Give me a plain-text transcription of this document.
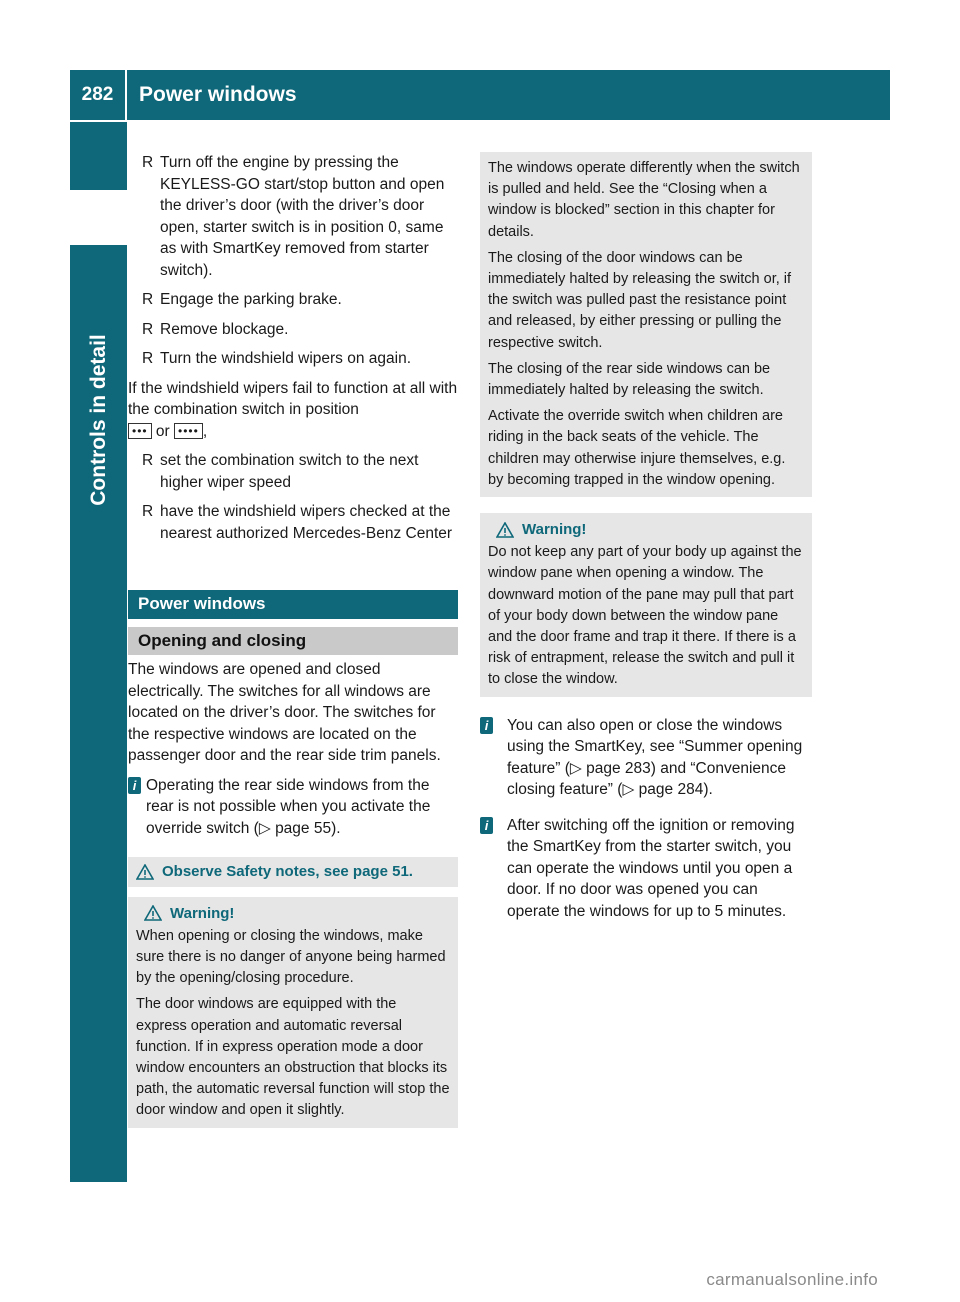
282	Power windows
Controls in detail
R Turn off the engine by pressing the KEYLESS-GO start/stop button and open the driver’s door (with the driver’s door open, starter switch is in position 0, same as with SmartKey removed from starter switch).
R Engage the parking brake.
R Remove blockage.
R Turn the windshield wipers on again.

If the windshield wipers fail to function at all with the combination switch in position
••• or •••• ,

R set the combination switch to the next higher wiper speed
R have the windshield wipers checked at the nearest authorized Mercedes-Benz Center
Power windows
Opening and closing

The windows are opened and closed electrically. The switches for all windows are located on the driver’s door. The switches for the respective windows are located on the passenger door and the rear side trim panels.

i Operating the rear side windows from the rear is not possible when you activate the override switch (▷ page 55).
Observe Safety notes, see page 51.
Warning!

When opening or closing the windows, make sure there is no danger of anyone being harmed by the opening/closing procedure.

The door windows are equipped with the express operation and automatic reversal function. If in express operation mode a door window encounters an obstruction that blocks its path, the automatic reversal function will stop the door window and open it slightly.

The windows operate differently when the switch is pulled and held. See the “Closing when a window is blocked” section in this chapter for details.

The closing of the door windows can be immediately halted by releasing the switch or, if the switch was pulled past the resistance point and released, by either pressing or pulling the respective switch.

The closing of the rear side windows can be immediately halted by releasing the switch.

Activate the override switch when children are riding in the back seats of the vehicle. The children may otherwise injure themselves, e.g. by becoming trapped in the window opening.

Warning!

Do not keep any part of your body up against the window pane when opening a window. The downward motion of the pane may pull that part of your body down between the window pane and the door frame and trap it there. If there is a risk of entrapment, release the switch and pull it to close the window.

i	You can also open or close the windows using the SmartKey, see “Summer opening feature” (▷ page 283) and “Convenience closing feature” (▷ page 284).
i	After switching off the ignition or removing the SmartKey from the starter switch, you can operate the windows until you open a door. If no door was opened you can operate the windows for up to 5 minutes.
carmanualsonline.info
